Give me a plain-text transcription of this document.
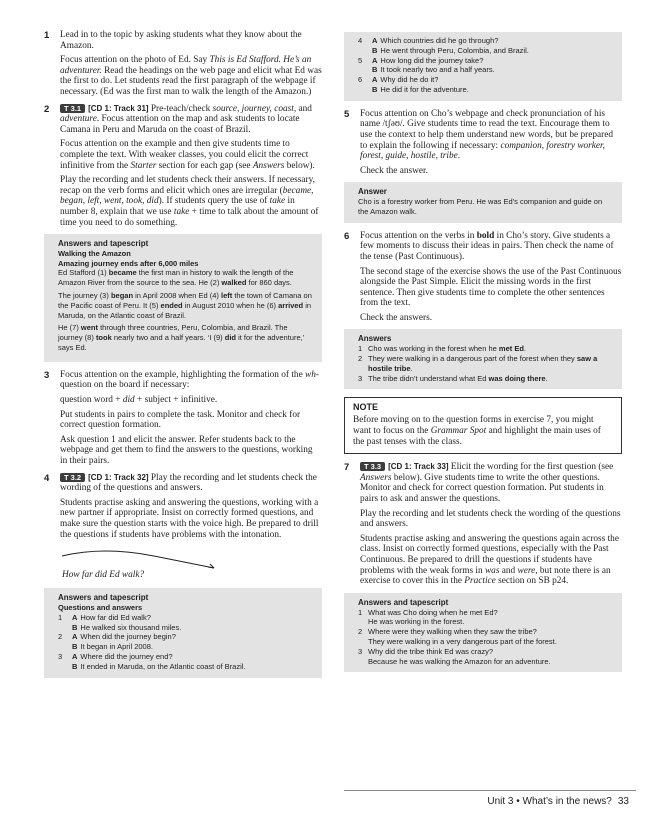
1 Lead in to the topic by asking students what they know about the Amazon.

Focus attention on the photo of Ed. Say This is Ed Stafford. He’s an adventurer. Read the headings on the web page and elicit what Ed was the first to do. Let students read the first paragraph of the webpage if necessary. (Ed was the first man to walk the length of the Amazon.)

2	T 3.1 [CD 1: Track 31] Pre-teach/check source, journey, coast, and adventure. Focus attention on the map and ask students to locate Camana in Peru and Maruda on the coast of Brazil.

Focus attention on the example and then give students time to complete the text. With weaker classes, you could elicit the correct infinitive from the Starter section for each gap (see Answers below).

Play the recording and let students check their answers. If necessary, recap on the verb forms and elicit which ones are irregular (became, began, left, went, took, did). If students query the use of take in number 8, explain that we use take + time to talk about the amount of time you need to do something.

Answers and tapescript
Walking the Amazon
Amazing journey ends after 6,000 miles
Ed Stafford (1) became the first man in history to walk the length of the Amazon River from the source to the sea. He (2) walked for 860 days.
The journey (3) began in April 2008 when Ed (4) left the town of Camana on the Pacific coast of Peru. It (5) ended in August 2010 when he (6) arrived in Maruda, on the Atlantic coast of Brazil.
He (7) went through three countries, Peru, Colombia, and Brazil. The journey (8) took nearly two and a half years. ‘I (9) did it for the adventure,’ says Ed.
3 Focus attention on the example, highlighting the formation of the wh-question on the board if necessary:

question word + did + subject + infinitive.

Put students in pairs to complete the task. Monitor and check for correct question formation.

Ask question 1 and elicit the answer. Refer students back to the webpage and get them to find the answers to the questions, working in their pairs.

4	T 3.2 [CD 1: Track 32] Play the recording and let students check the wording of the questions and answers.

Students practise asking and answering the questions, working with a new partner if appropriate. Insist on correctly formed questions, and make sure the question starts with the voice high. Be prepared to drill the questions if students have problems with the intonation.

How far did Ed walk?
Answers and tapescript
Questions and answers
1 A How far did Ed walk?
B He walked six thousand miles.
2 A When did the journey begin?
B It began in April 2008.
3 A Where did the journey end?
B It ended in Maruda, on the Atlantic coast of Brazil.
4 A Which countries did he go through?
B He went through Peru, Colombia, and Brazil.
5 A How long did the journey take?
B It took nearly two and a half years.
6 A Why did he do it?
B He did it for the adventure.
5 Focus attention on Cho’s webpage and check pronunciation of his name /tʃəʊ/. Give students time to read the text. Encourage them to use the context to help them understand new words, but be prepared to explain the following if necessary: companion, forestry worker, forest, guide, hostile, tribe.

Check the answer.

Answer
Cho is a forestry worker from Peru. He was Ed’s companion and guide on the Amazon walk.
6 Focus attention on the verbs in bold in Cho’s story. Give students a few moments to discuss their ideas in pairs. Then check the name of the tense (Past Continuous).

The second stage of the exercise shows the use of the Past Continuous alongside the Past Simple. Elicit the missing words in the first sentence. Then give students time to complete the other sentences from the text.

Check the answers.

Answers
1 Cho was working in the forest when he met Ed.
2 They were walking in a dangerous part of the forest when they saw a hostile tribe.
3 The tribe didn’t understand what Ed was doing there.
NOTE

Before moving on to the question forms in exercise 7, you might want to focus on the Grammar Spot and highlight the main uses of the past tenses with the class.

7	T 3.3 [CD 1: Track 33] Elicit the wording for the first question (see Answers below). Give students time to write the other questions. Monitor and check for correct question formation. Put students in pairs to ask and answer the questions.

Play the recording and let students check the wording of the questions and answers.

Students practise asking and answering the questions again across the class. Insist on correctly formed questions, especially with the Past Continuous. Be prepared to drill the questions if students have problems with the weak forms in was and were, but note there is an exercise to cover this in the Practice section on SB p24.

Answers and tapescript
1 What was Cho doing when he met Ed?
He was working in the forest.
2 Where were they walking when they saw the tribe?
They were walking in a very dangerous part of the forest.
3 Why did the tribe think Ed was crazy?
Because he was walking the Amazon for an adventure.
Unit 3 • What’s in the news? 33
